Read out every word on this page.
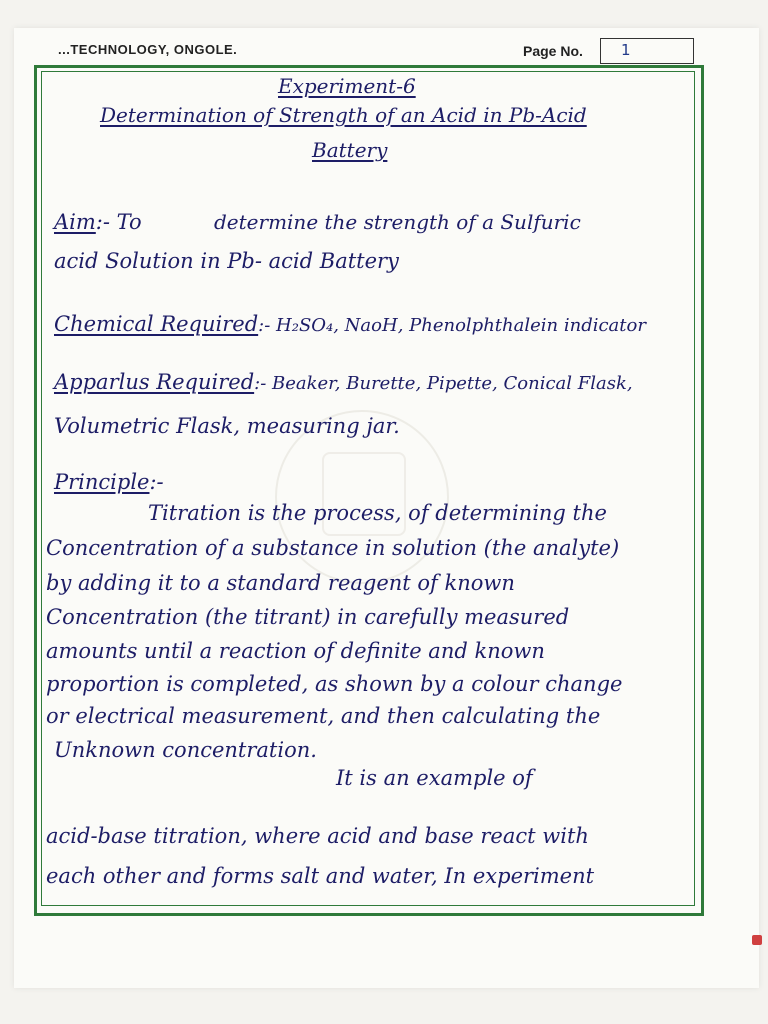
...TECHNOLOGY, ONGOLE.	Page No.	1
Experiment-6
Determination of Strength of an Acid in Pb-Acid
Battery
Aim:- To	determine the strength of a Sulfuric
acid Solution in Pb- acid Battery
Chemical Required:- H₂SO₄, NaoH, Phenolphthalein indicator
Apparlus Required:- Beaker, Burette, Pipette, Conical Flask,
Volumetric Flask, measuring jar.
Principle:-
Titration is the process, of determining the
Concentration of a substance in solution (the analyte)
by adding it to a standard reagent of known
Concentration (the titrant) in carefully measured
amounts until a reaction of definite and known
proportion is completed, as shown by a colour change
or electrical measurement, and then calculating the
Unknown concentration.
It is an example of
acid-base titration, where acid and base react with
each other and forms salt and water, In experiment
